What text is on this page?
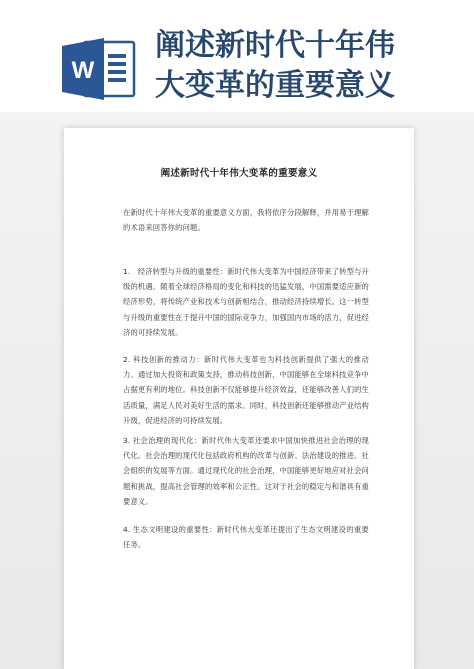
W
阐述新时代十年伟
大变革的重要意义
阐述新时代十年伟大变革的重要意义
在新时代十年伟大变革的重要意义方面，我将依序分段解释，并用易于理解的术语来回答你的问题。
1.　经济转型与升级的重要性：新时代伟大变革为中国经济带来了转型与升级的机遇。随着全球经济格局的变化和科技的迅猛发展，中国需要适应新的经济形势，将传统产业和技术与创新相结合，推动经济持续增长。这一转型与升级的重要性在于提升中国的国际竞争力，加强国内市场的活力，促进经济的可持续发展。
2. 科技创新的推动力：新时代伟大变革也为科技创新提供了强大的推动力。通过加大投资和政策支持，推动科技创新，中国能够在全球科技竞争中占据更有利的地位。科技创新不仅能够提升经济效益，还能够改善人们的生活质量，满足人民对美好生活的需求。同时，科技创新还能够推动产业结构升级，促进经济的可持续发展。
3. 社会治理的现代化：新时代伟大变革还要求中国加快推进社会治理的现代化。社会治理的现代化包括政府机构的改革与创新、法治建设的推进、社会组织的发展等方面。通过现代化的社会治理，中国能够更好地应对社会问题和挑战，提高社会管理的效率和公正性。这对于社会的稳定与和谐具有重要意义。
4. 生态文明建设的重要性：新时代伟大变革还提出了生态文明建设的重要任务。
